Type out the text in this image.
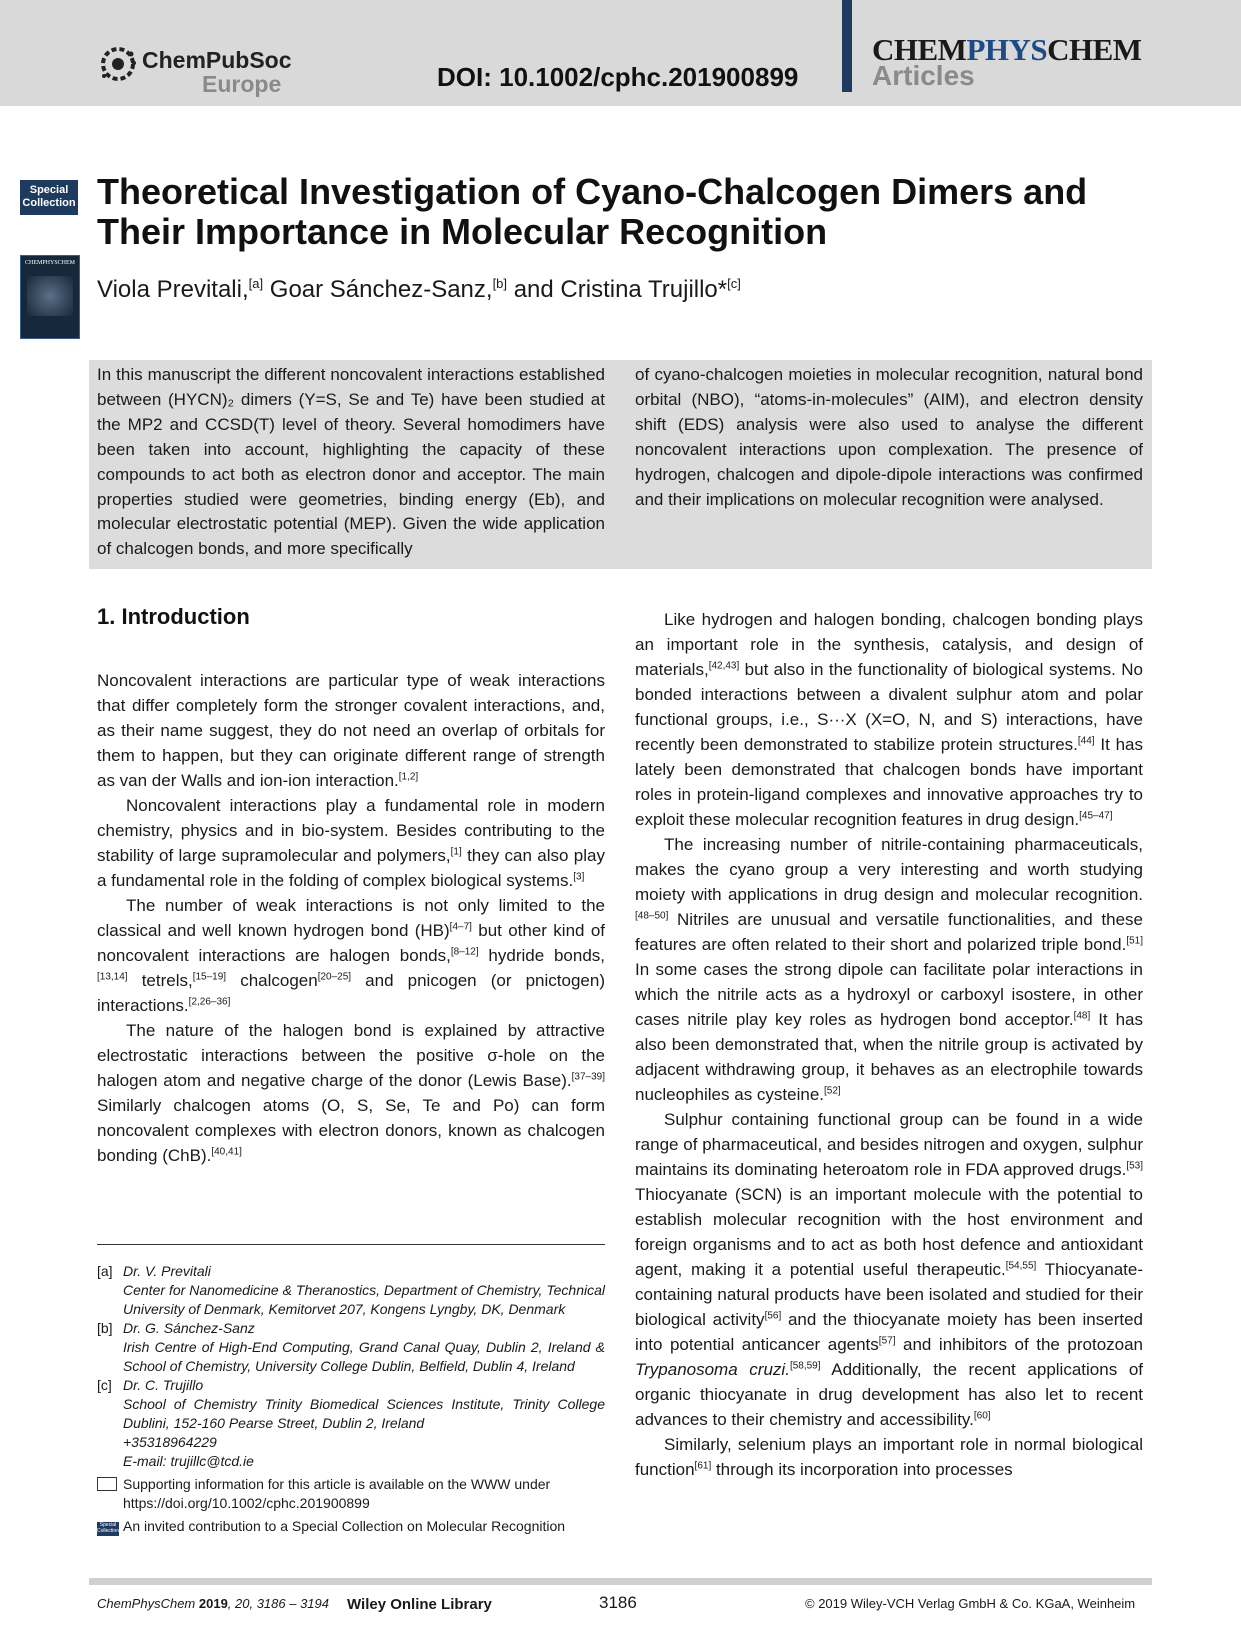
ChemPubSoc
Europe	DOI: 10.1002/cphc.201900899
CHEMPHYSCHEM
Articles
Special
Collection
CHEMPHYSCHEM
Theoretical Investigation of Cyano-Chalcogen Dimers and Their Importance in Molecular Recognition
Viola Previtali,[a] Goar Sánchez-Sanz,[b] and Cristina Trujillo*[c]
In this manuscript the different noncovalent interactions established between (HYCN)₂ dimers (Y=S, Se and Te) have been studied at the MP2 and CCSD(T) level of theory. Several homodimers have been taken into account, highlighting the capacity of these compounds to act both as electron donor and acceptor. The main properties studied were geometries, binding energy (Eb), and molecular electrostatic potential (MEP). Given the wide application of chalcogen bonds, and more specifically
of cyano-chalcogen moieties in molecular recognition, natural bond orbital (NBO), “atoms-in-molecules” (AIM), and electron density shift (EDS) analysis were also used to analyse the different noncovalent interactions upon complexation. The presence of hydrogen, chalcogen and dipole-dipole interactions was confirmed and their implications on molecular recognition were analysed.
1. Introduction

Noncovalent interactions are particular type of weak interactions that differ completely form the stronger covalent interactions, and, as their name suggest, they do not need an overlap of orbitals for them to happen, but they can originate different range of strength as van der Walls and ion-ion interaction.[1,2]

Noncovalent interactions play a fundamental role in modern chemistry, physics and in bio-system. Besides contributing to the stability of large supramolecular and polymers,[1] they can also play a fundamental role in the folding of complex biological systems.[3]

The number of weak interactions is not only limited to the classical and well known hydrogen bond (HB)[4–7] but other kind of noncovalent interactions are halogen bonds,[8–12] hydride bonds,[13,14] tetrels,[15–19] chalcogen[20–25] and pnicogen (or pnictogen) interactions.[2,26–36]

The nature of the halogen bond is explained by attractive electrostatic interactions between the positive σ-hole on the halogen atom and negative charge of the donor (Lewis Base).[37–39] Similarly chalcogen atoms (O, S, Se, Te and Po) can form noncovalent complexes with electron donors, known as chalcogen bonding (ChB).[40,41]

Like hydrogen and halogen bonding, chalcogen bonding plays an important role in the synthesis, catalysis, and design of materials,[42,43] but also in the functionality of biological systems. No bonded interactions between a divalent sulphur atom and polar functional groups, i.e., S···X (X=O, N, and S) interactions, have recently been demonstrated to stabilize protein structures.[44] It has lately been demonstrated that chalcogen bonds have important roles in protein-ligand complexes and innovative approaches try to exploit these molecular recognition features in drug design.[45–47]

The increasing number of nitrile-containing pharmaceuticals, makes the cyano group a very interesting and worth studying moiety with applications in drug design and molecular recognition.[48–50] Nitriles are unusual and versatile functionalities, and these features are often related to their short and polarized triple bond.[51] In some cases the strong dipole can facilitate polar interactions in which the nitrile acts as a hydroxyl or carboxyl isostere, in other cases nitrile play key roles as hydrogen bond acceptor.[48] It has also been demonstrated that, when the nitrile group is activated by adjacent withdrawing group, it behaves as an electrophile towards nucleophiles as cysteine.[52]

Sulphur containing functional group can be found in a wide range of pharmaceutical, and besides nitrogen and oxygen, sulphur maintains its dominating heteroatom role in FDA approved drugs.[53] Thiocyanate (SCN) is an important molecule with the potential to establish molecular recognition with the host environment and foreign organisms and to act as both host defence and antioxidant agent, making it a potential useful therapeutic.[54,55] Thiocyanate-containing natural products have been isolated and studied for their biological activity[56] and the thiocyanate moiety has been inserted into potential anticancer agents[57] and inhibitors of the protozoan Trypanosoma cruzi.[58,59] Additionally, the recent applications of organic thiocyanate in drug development has also let to recent advances to their chemistry and accessibility.[60]

Similarly, selenium plays an important role in normal biological function[61] through its incorporation into processes

[a] Dr. V. Previtali
Center for Nanomedicine & Theranostics, Department of Chemistry, Technical University of Denmark, Kemitorvet 207, Kongens Lyngby, DK, Denmark
[b] Dr. G. Sánchez-Sanz
Irish Centre of High-End Computing, Grand Canal Quay, Dublin 2, Ireland & School of Chemistry, University College Dublin, Belfield, Dublin 4, Ireland
[c] Dr. C. Trujillo
School of Chemistry Trinity Biomedical Sciences Institute, Trinity College Dublini, 152-160 Pearse Street, Dublin 2, Ireland
+35318964229
E-mail: trujillc@tcd.ie
Supporting information for this article is available on the WWW under https://doi.org/10.1002/cphc.201900899
Special
Collection An invited contribution to a Special Collection on Molecular Recognition
ChemPhysChem 2019, 20, 3186 – 3194 Wiley Online Library	3186	© 2019 Wiley-VCH Verlag GmbH & Co. KGaA, Weinheim
